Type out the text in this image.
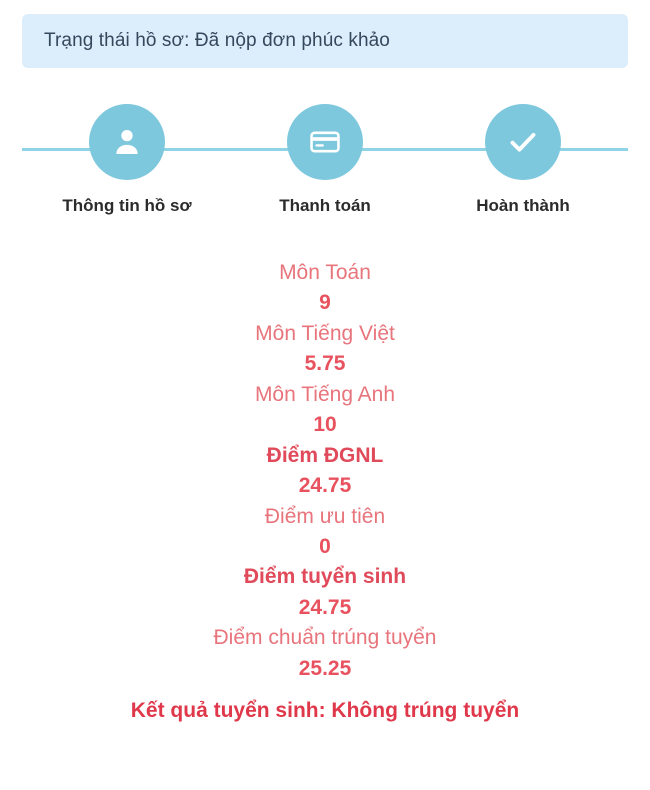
Trạng thái hồ sơ: Đã nộp đơn phúc khảo
Thông tin hồ sơ	Thanh toán	Hoàn thành
Môn Toán
9
Môn Tiếng Việt
5.75
Môn Tiếng Anh
10
Điểm ĐGNL
24.75
Điểm ưu tiên
0
Điểm tuyển sinh
24.75
Điểm chuẩn trúng tuyển
25.25
Kết quả tuyển sinh: Không trúng tuyển
